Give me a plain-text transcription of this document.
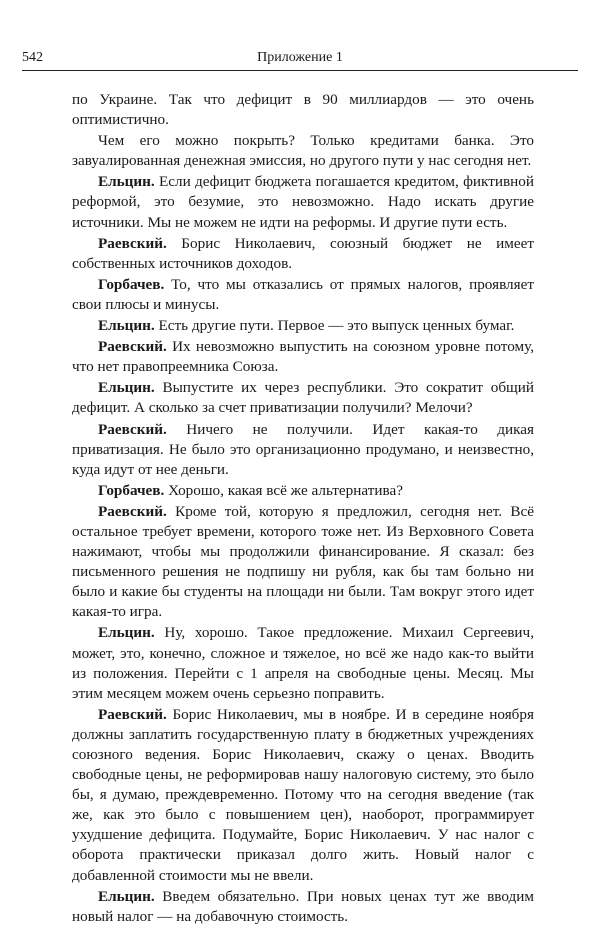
542	Приложение 1

по Украине. Так что дефицит в 90 миллиардов — это очень оптимистично.

Чем его можно покрыть? Только кредитами банка. Это завуалированная денежная эмиссия, но другого пути у нас сегодня нет.

Ельцин. Если дефицит бюджета погашается кредитом, фиктивной реформой, это безумие, это невозможно. Надо искать другие источники. Мы не можем не идти на реформы. И другие пути есть.

Раевский. Борис Николаевич, союзный бюджет не имеет собственных источников доходов.

Горбачев. То, что мы отказались от прямых налогов, проявляет свои плюсы и минусы.

Ельцин. Есть другие пути. Первое — это выпуск ценных бумаг.

Раевский. Их невозможно выпустить на союзном уровне потому, что нет правопреемника Союза.

Ельцин. Выпустите их через республики. Это сократит общий дефицит. А сколько за счет приватизации получили? Мелочи?

Раевский. Ничего не получили. Идет какая-то дикая приватизация. Не было это организационно продумано, и неизвестно, куда идут от нее деньги.

Горбачев. Хорошо, какая всё же альтернатива?

Раевский. Кроме той, которую я предложил, сегодня нет. Всё остальное требует времени, которого тоже нет. Из Верховного Совета нажимают, чтобы мы продолжили финансирование. Я сказал: без письменного решения не подпишу ни рубля, как бы там больно ни было и какие бы студенты на площади ни были. Там вокруг этого идет какая-то игра.

Ельцин. Ну, хорошо. Такое предложение. Михаил Сергеевич, может, это, конечно, сложное и тяжелое, но всё же надо как-то выйти из положения. Перейти с 1 апреля на свободные цены. Месяц. Мы этим месяцем можем очень серьезно поправить.

Раевский. Борис Николаевич, мы в ноябре. И в середине ноября должны заплатить государственную плату в бюджетных учреждениях союзного ведения. Борис Николаевич, скажу о ценах. Вводить свободные цены, не реформировав нашу налоговую систему, это было бы, я думаю, преждевременно. Потому что на сегодня введение (так же, как это было с повышением цен), наоборот, программирует ухудшение дефицита. Подумайте, Борис Николаевич. У нас налог с оборота практически приказал долго жить. Новый налог с добавленной стоимости мы не ввели.

Ельцин. Введем обязательно. При новых ценах тут же вводим новый налог — на добавочную стоимость.
